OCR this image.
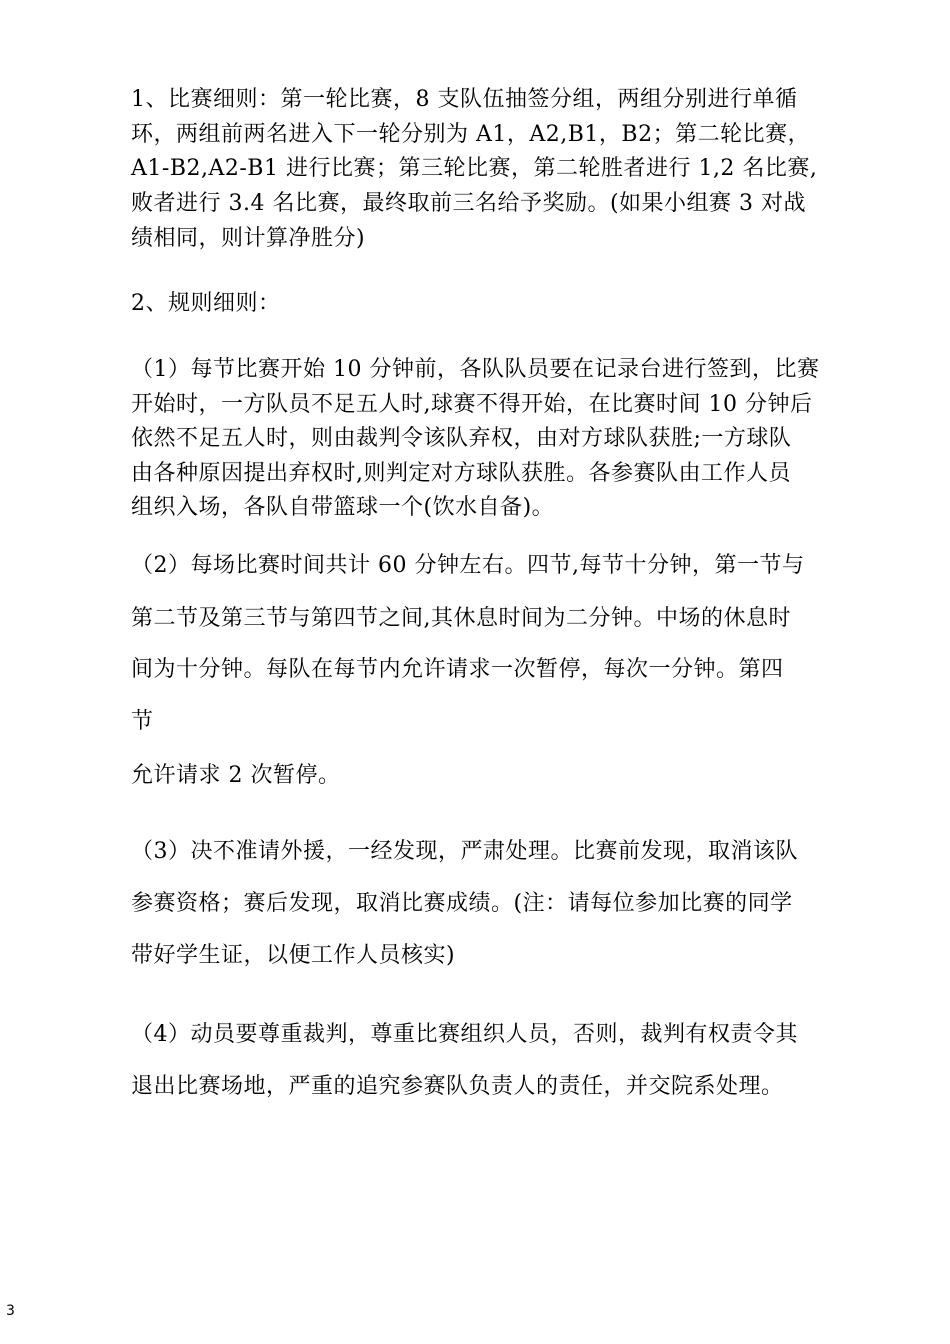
1、比赛细则：第一轮比赛，8 支队伍抽签分组，两组分别进行单循
环，两组前两名进入下一轮分别为 A1，A2,B1，B2；第二轮比赛，
A1-B2,A2-B1 进行比赛；第三轮比赛，第二轮胜者进行 1,2 名比赛,
败者进行 3.4 名比赛，最终取前三名给予奖励。(如果小组赛 3 对战
绩相同，则计算净胜分)
2、规则细则：
（1）每节比赛开始 10 分钟前，各队队员要在记录台进行签到，比赛
开始时，一方队员不足五人时,球赛不得开始，在比赛时间 10 分钟后
依然不足五人时，则由裁判令该队弃权，由对方球队获胜;一方球队
由各种原因提出弃权时,则判定对方球队获胜。各参赛队由工作人员
组织入场，各队自带篮球一个(饮水自备)。
（2）每场比赛时间共计 60 分钟左右。四节,每节十分钟，第一节与
第二节及第三节与第四节之间,其休息时间为二分钟。中场的休息时
间为十分钟。每队在每节内允许请求一次暂停，每次一分钟。第四
节
允许请求 2 次暂停。
（3）决不准请外援，一经发现，严肃处理。比赛前发现，取消该队
参赛资格；赛后发现，取消比赛成绩。(注：请每位参加比赛的同学
带好学生证，以便工作人员核实)
（4）动员要尊重裁判，尊重比赛组织人员，否则，裁判有权责令其
退出比赛场地，严重的追究参赛队负责人的责任，并交院系处理。
3
